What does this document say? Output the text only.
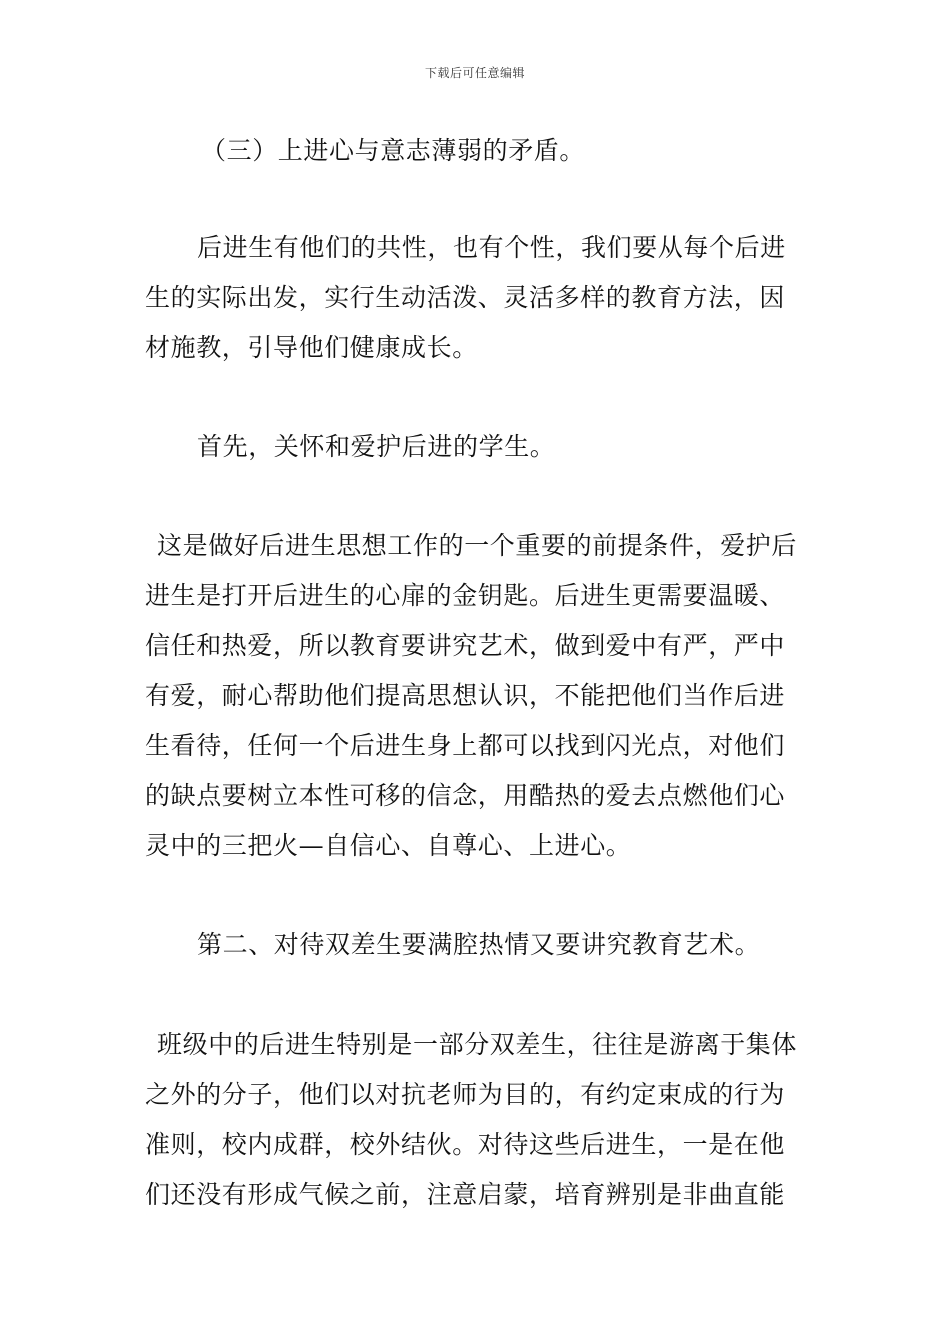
下载后可任意编辑
（三）上进心与意志薄弱的矛盾。
后进生有他们的共性，也有个性，我们要从每个后进
生的实际出发，实行生动活泼、灵活多样的教育方法，因
材施教，引导他们健康成长。
首先，关怀和爱护后进的学生。
这是做好后进生思想工作的一个重要的前提条件，爱护后
进生是打开后进生的心扉的金钥匙。后进生更需要温暖、
信任和热爱，所以教育要讲究艺术，做到爱中有严，严中
有爱，耐心帮助他们提高思想认识，不能把他们当作后进
生看待，任何一个后进生身上都可以找到闪光点，对他们
的缺点要树立本性可移的信念，用酷热的爱去点燃他们心
灵中的三把火—自信心、自尊心、上进心。
第二、对待双差生要满腔热情又要讲究教育艺术。
班级中的后进生特别是一部分双差生，往往是游离于集体
之外的分子，他们以对抗老师为目的，有约定束成的行为
准则，校内成群，校外结伙。对待这些后进生，一是在他
们还没有形成气候之前，注意启蒙，培育辨别是非曲直能
